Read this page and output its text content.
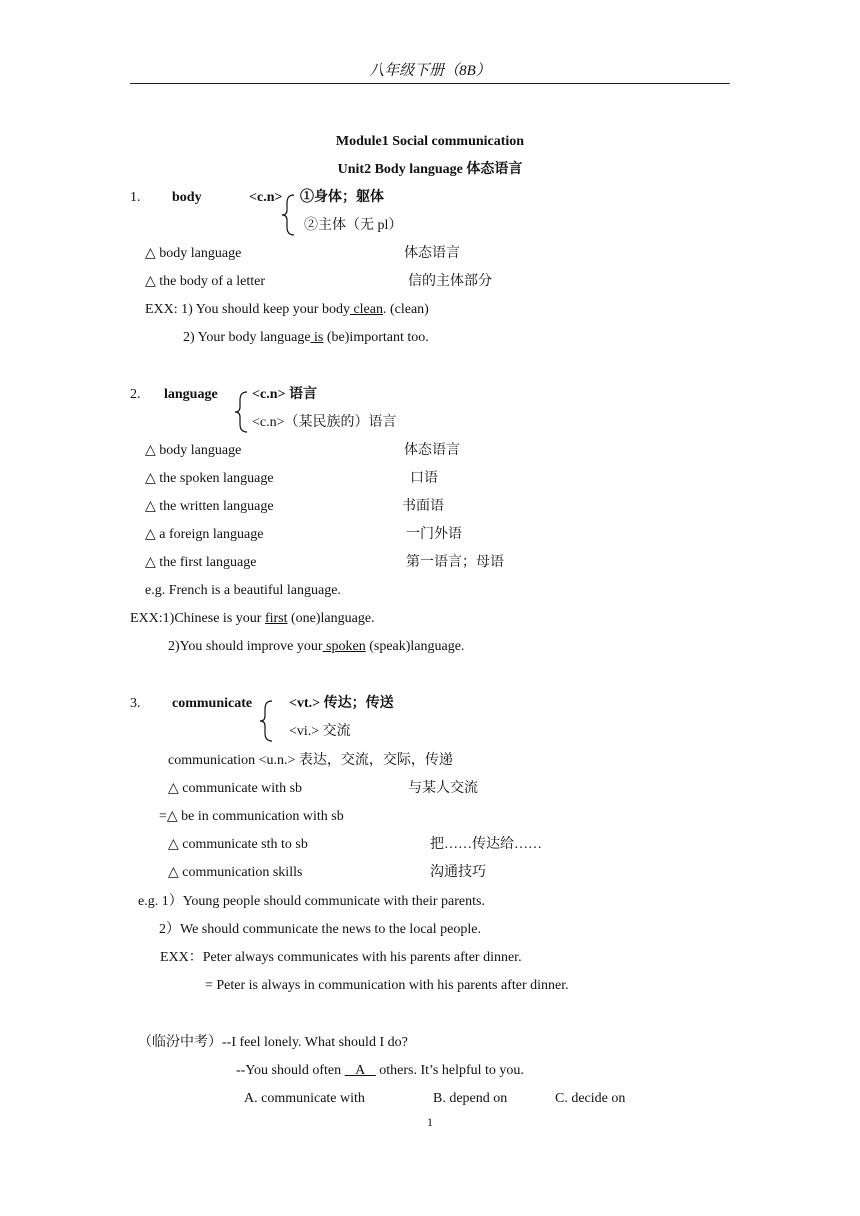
八年级下册（8B）
Module1 Social communication
Unit2 Body language 体态语言
1. body	<c.n> ①身体；躯体
②主体（无 pl）
△ body language	体态语言
△ the body of a letter	信的主体部分
EXX: 1) You should keep your body clean. (clean)
2) Your body language is (be)important too.
2. language <c.n> 语言
<c.n>（某民族的）语言
△ body language	体态语言
△ the spoken language	口语
△ the written language	书面语
△ a foreign language	一门外语
△ the first language	第一语言；母语
e.g. French is a beautiful language.
EXX:1)Chinese is your first (one)language.
2)You should improve your spoken (speak)language.
3. communicate	<vt.> 传达；传送
<vi.> 交流
communication <u.n.> 表达，交流，交际，传递
△ communicate with sb	与某人交流
=△ be in communication with sb
△ communicate sth to sb	把……传达给……
△ communication skills	沟通技巧
e.g. 1）Young people should communicate with their parents.
2）We should communicate the news to the local people.
EXX：Peter always communicates with his parents after dinner.
= Peter is always in communication with his parents after dinner.
（临汾中考）--I feel lonely. What should I do?
--You should often    A    others. It’s helpful to you.
A. communicate with	B. depend on	C. decide on
1
